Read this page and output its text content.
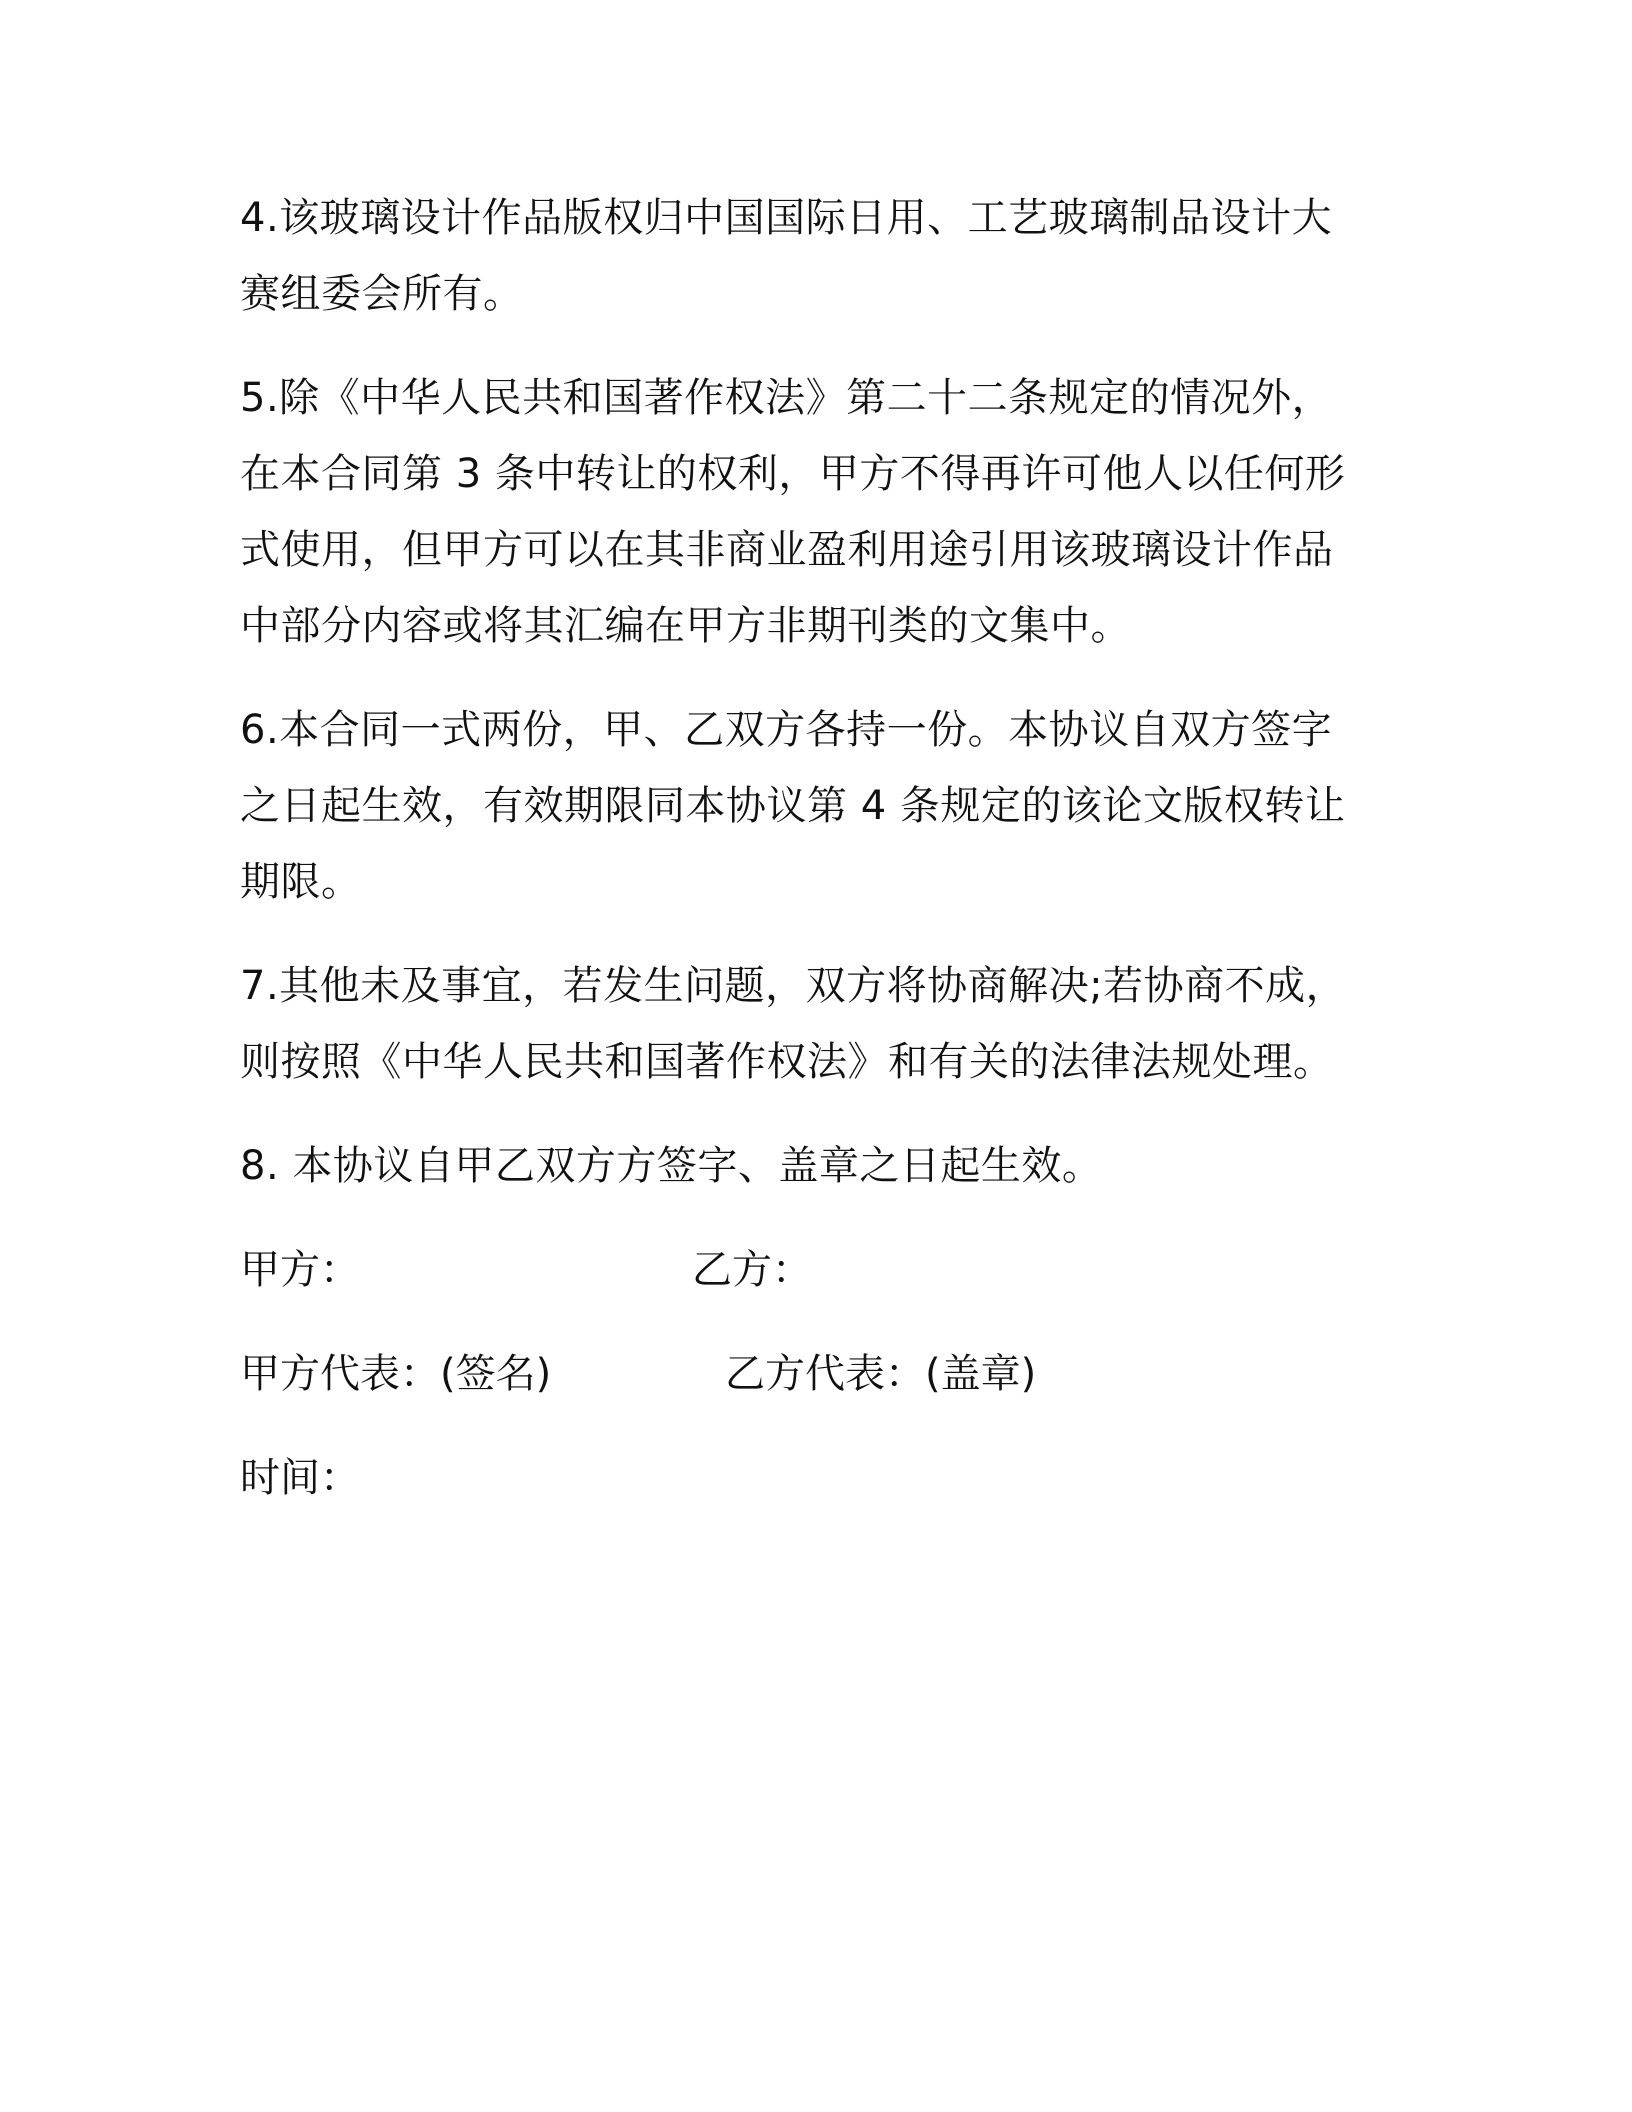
4.该玻璃设计作品版权归中国国际日用、工艺玻璃制品设计大赛组委会所有。

5.除《中华人民共和国著作权法》第二十二条规定的情况外，在本合同第 3 条中转让的权利，甲方不得再许可他人以任何形式使用，但甲方可以在其非商业盈利用途引用该玻璃设计作品中部分内容或将其汇编在甲方非期刊类的文集中。

6.本合同一式两份，甲、乙双方各持一份。本协议自双方签字之日起生效，有效期限同本协议第 4 条规定的该论文版权转让期限。

7.其他未及事宜，若发生问题，双方将协商解决;若协商不成，则按照《中华人民共和国著作权法》和有关的法律法规处理。

8. 本协议自甲乙双方方签字、盖章之日起生效。

甲方：	乙方：
甲方代表：(签名)	乙方代表：(盖章)
时间：
